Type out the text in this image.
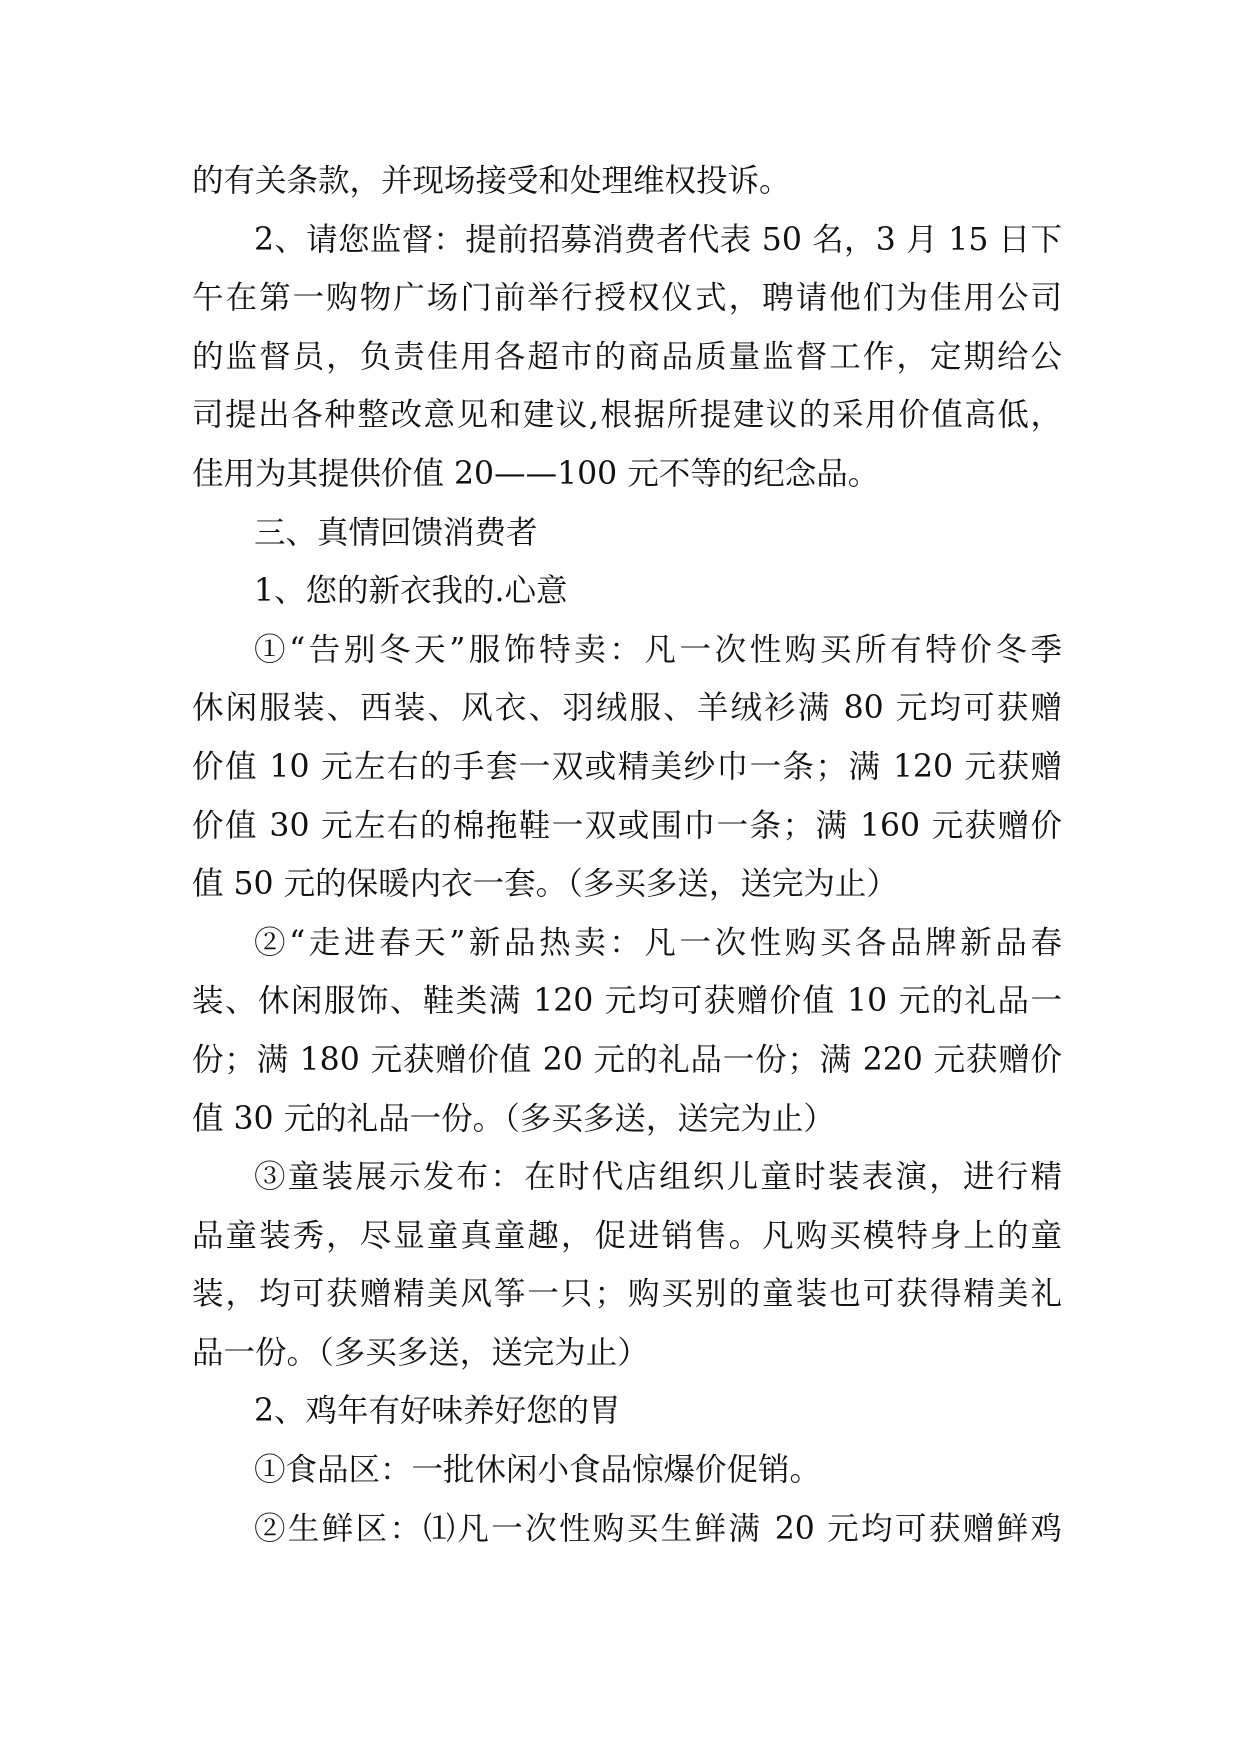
的有关条款，并现场接受和处理维权投诉。
2、请您监督：提前招募消费者代表 50 名，3 月 15 日下
午在第一购物广场门前举行授权仪式，聘请他们为佳用公司
的监督员，负责佳用各超市的商品质量监督工作，定期给公
司提出各种整改意见和建议,根据所提建议的采用价值高低，
佳用为其提供价值 20——100 元不等的纪念品。
三、真情回馈消费者
1、您的新衣我的.心意
①“告别冬天”服饰特卖：凡一次性购买所有特价冬季
休闲服装、西装、风衣、羽绒服、羊绒衫满 80 元均可获赠
价值 10 元左右的手套一双或精美纱巾一条；满 120 元获赠
价值 30 元左右的棉拖鞋一双或围巾一条；满 160 元获赠价
值 50 元的保暖内衣一套。（多买多送，送完为止）
②“走进春天”新品热卖：凡一次性购买各品牌新品春
装、休闲服饰、鞋类满 120 元均可获赠价值 10 元的礼品一
份；满 180 元获赠价值 20 元的礼品一份；满 220 元获赠价
值 30 元的礼品一份。（多买多送，送完为止）
③童装展示发布：在时代店组织儿童时装表演，进行精
品童装秀，尽显童真童趣，促进销售。凡购买模特身上的童
装，均可获赠精美风筝一只；购买别的童装也可获得精美礼
品一份。（多买多送，送完为止）
2、鸡年有好味养好您的胃
①食品区：一批休闲小食品惊爆价促销。
②生鲜区：⑴凡一次性购买生鲜满 20 元均可获赠鲜鸡
